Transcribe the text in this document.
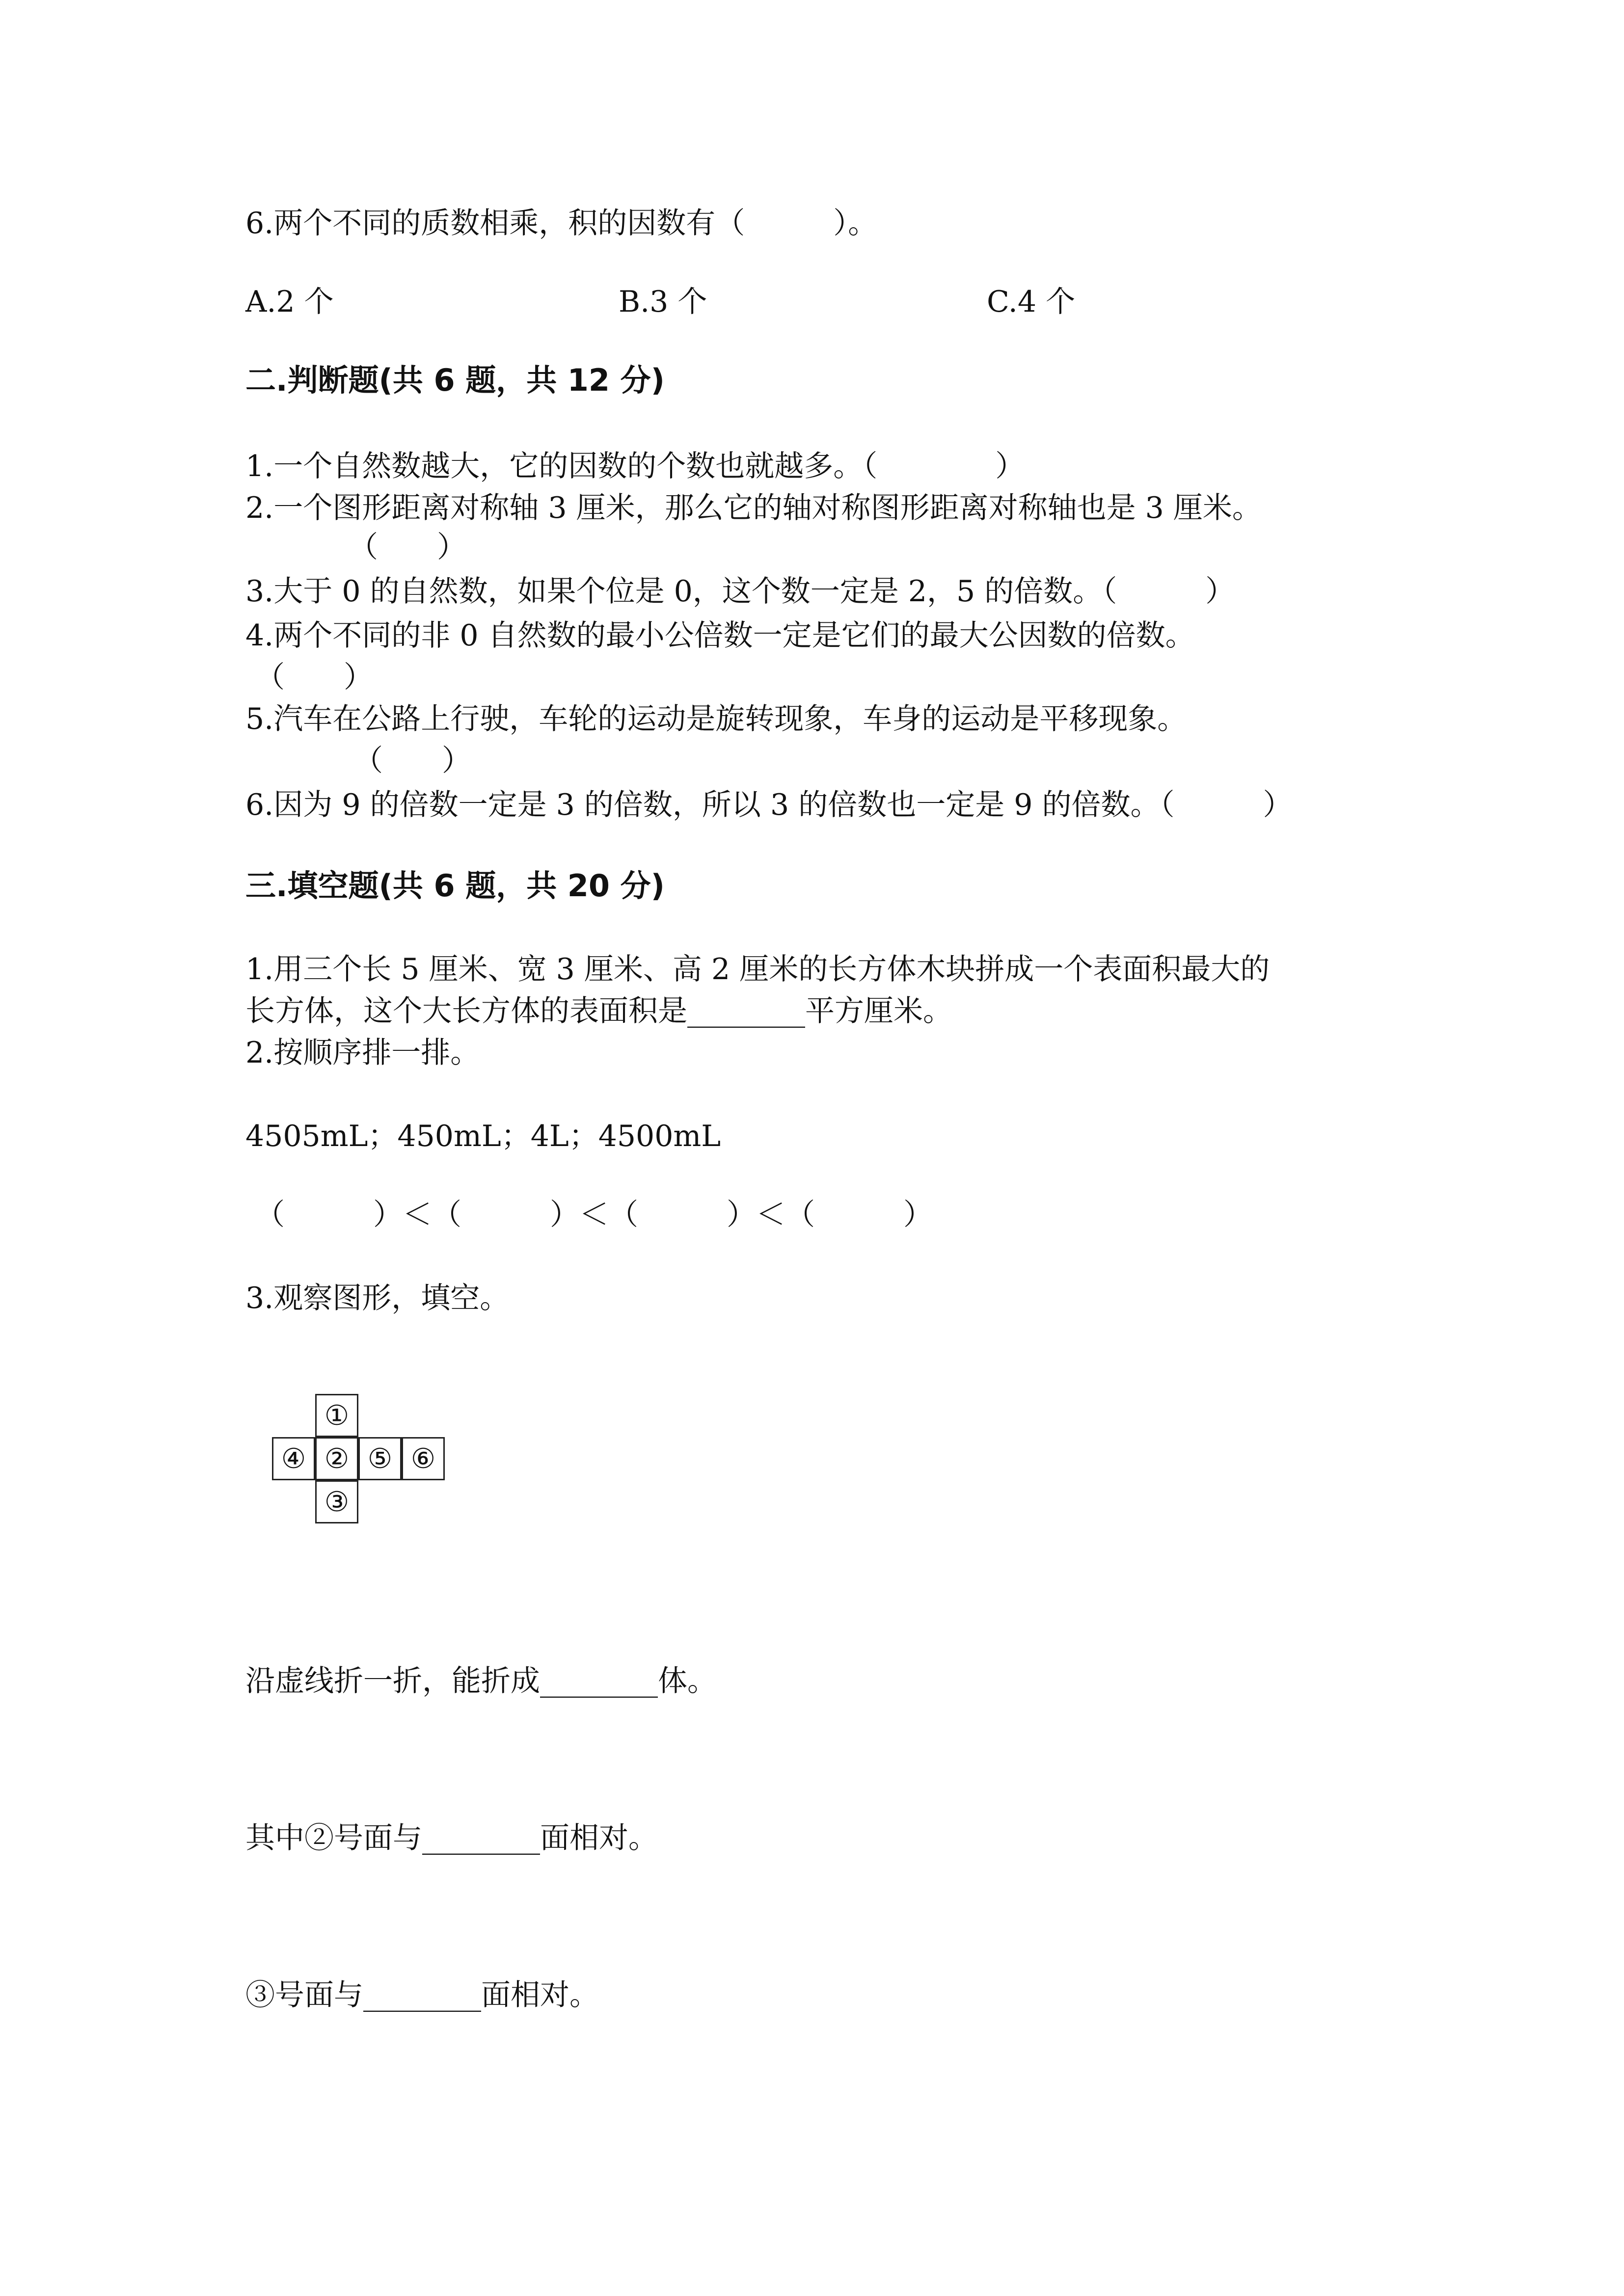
6.两个不同的质数相乘，积的因数有（　　　）。
A.2 个	B.3 个	C.4 个
二.判断题(共 6 题，共 12 分)
1.一个自然数越大，它的因数的个数也就越多。（　　　　）
2.一个图形距离对称轴 3 厘米，那么它的轴对称图形距离对称轴也是 3 厘米。
（　　）
3.大于 0 的自然数，如果个位是 0，这个数一定是 2，5 的倍数。（　　　）
4.两个不同的非 0 自然数的最小公倍数一定是它们的最大公因数的倍数。
（　　）
5.汽车在公路上行驶，车轮的运动是旋转现象，车身的运动是平移现象。
（　　）
6.因为 9 的倍数一定是 3 的倍数，所以 3 的倍数也一定是 9 的倍数。（　　　）
三.填空题(共 6 题，共 20 分)
1.用三个长 5 厘米、宽 3 厘米、高 2 厘米的长方体木块拼成一个表面积最大的
长方体，这个大长方体的表面积是________平方厘米。
2.按顺序排一排。
4505mL；450mL；4L；4500mL
（　　　）＜（　　　）＜（　　　）＜（　　　）
3.观察图形，填空。
①
④ ② ⑤ ⑥
③
沿虚线折一折，能折成________体。
其中②号面与________面相对。
③号面与________面相对。
